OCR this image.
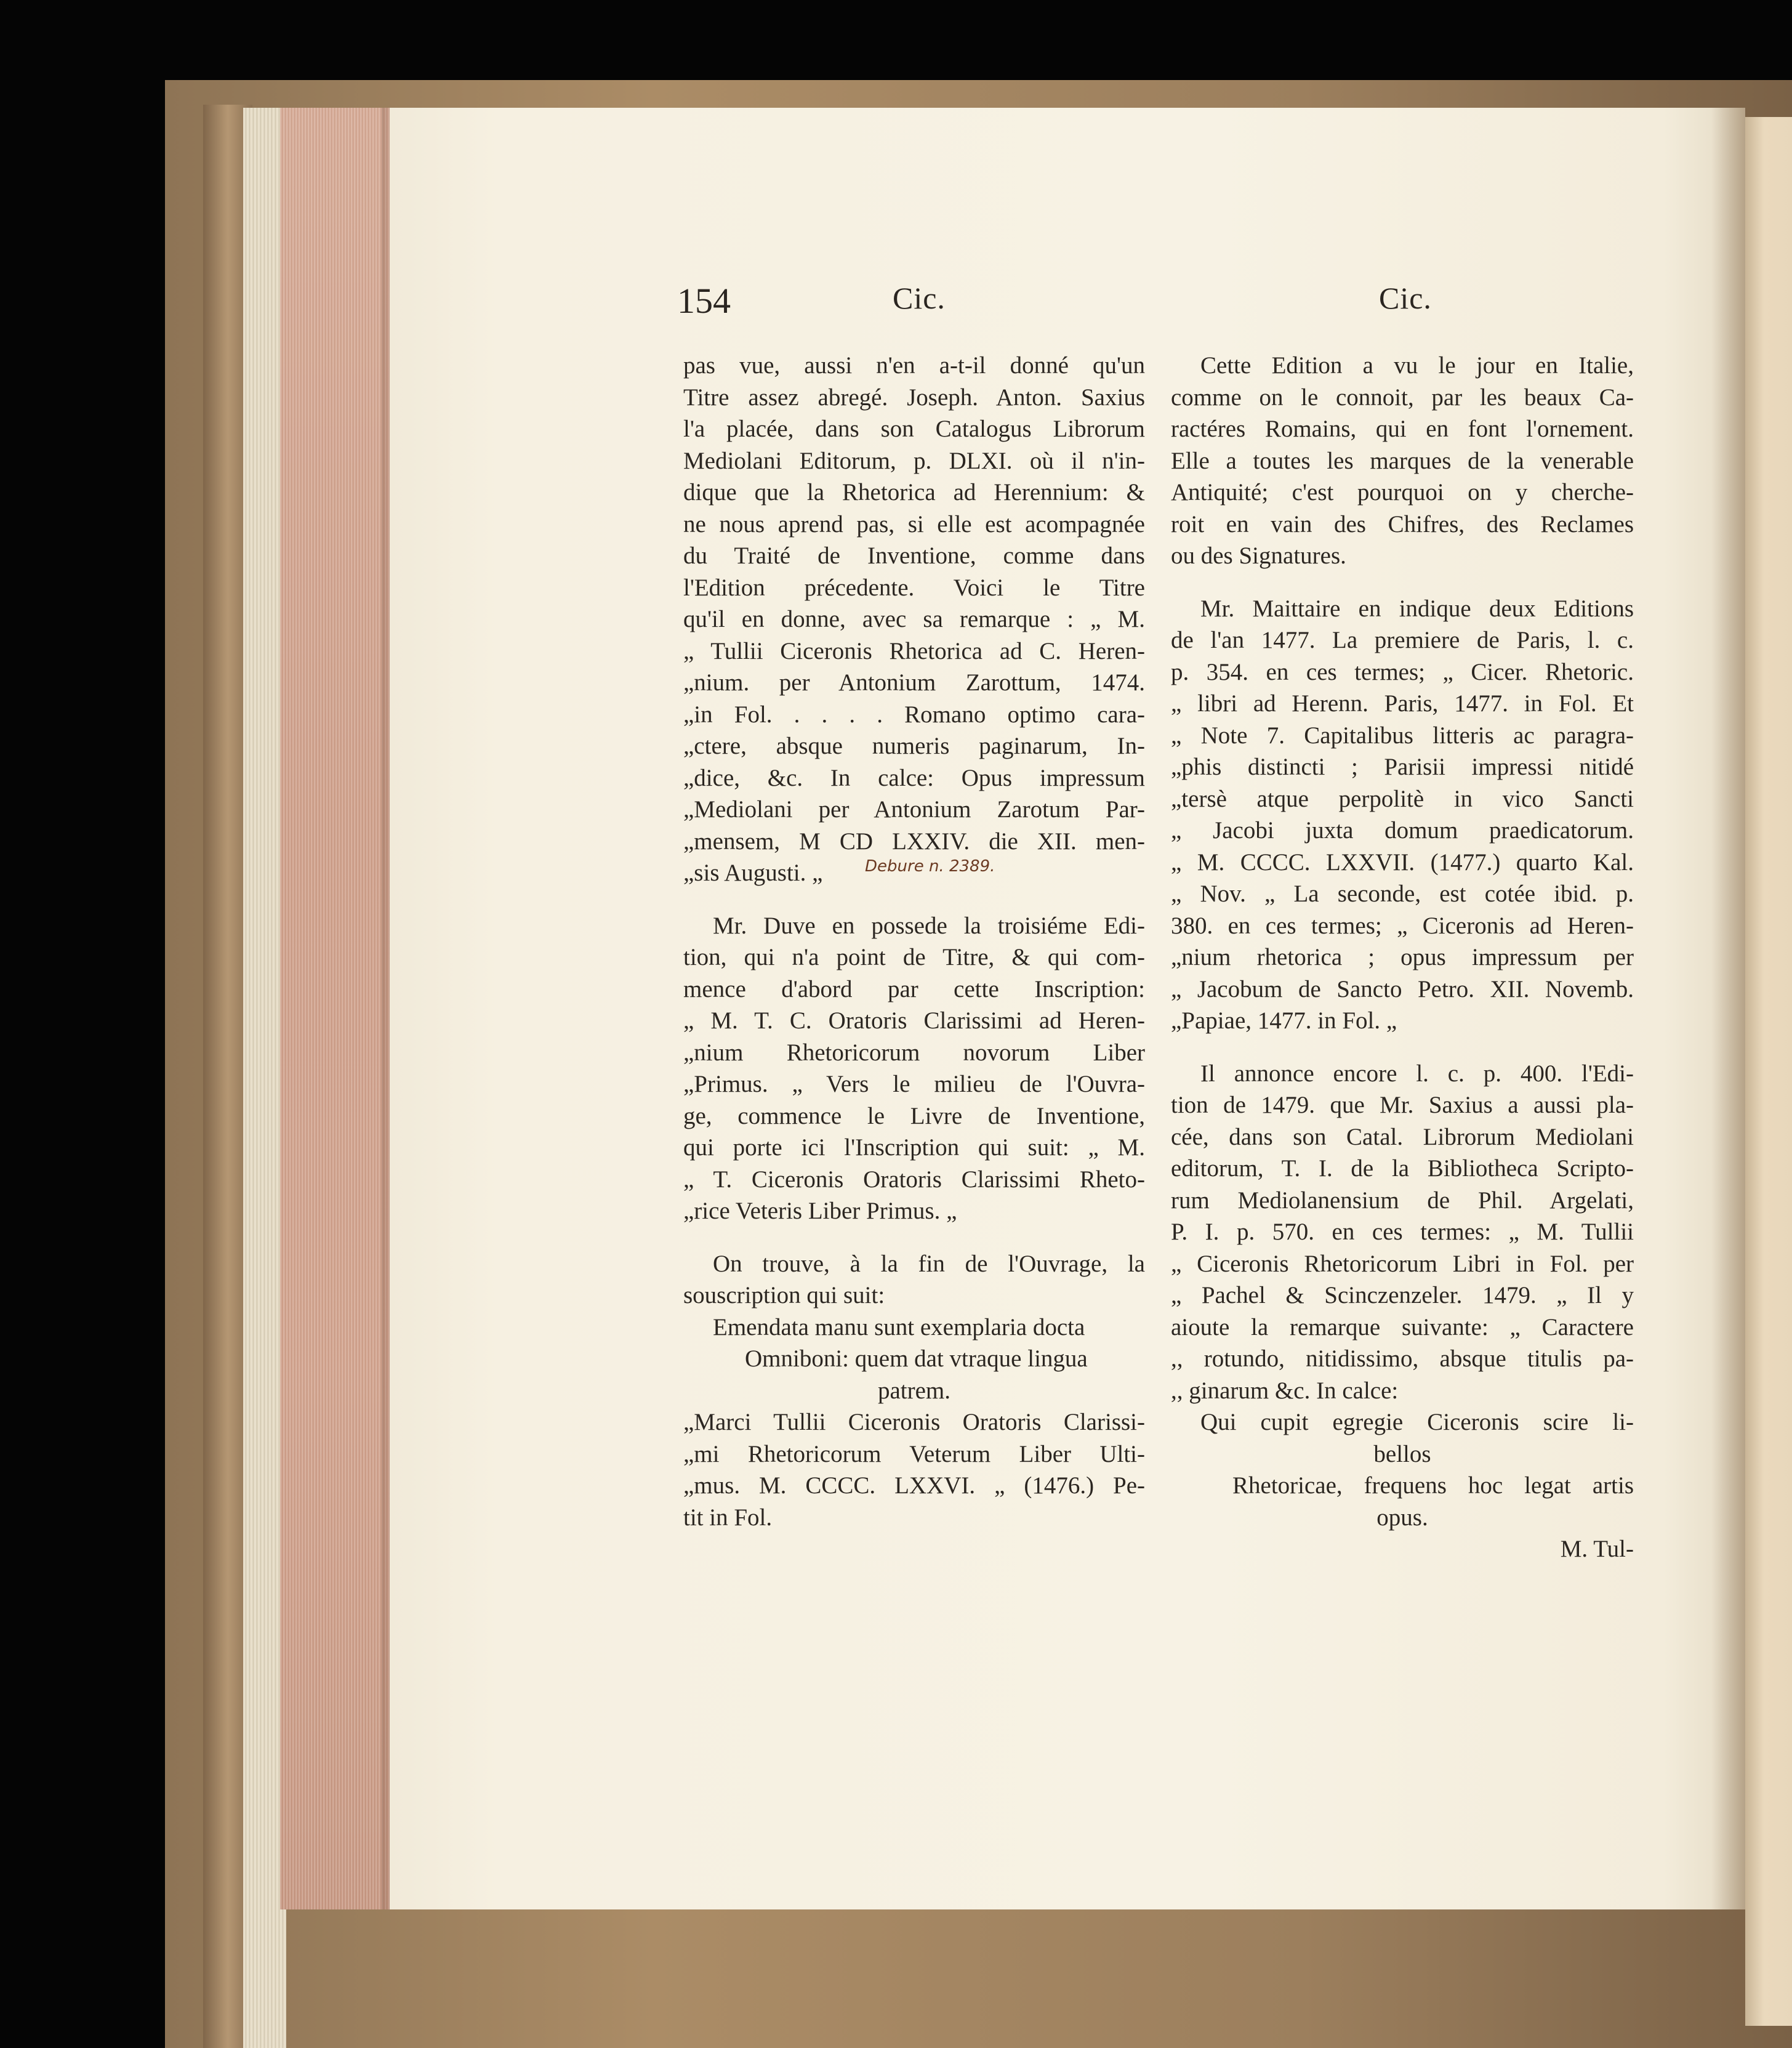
154	Cic.	Cic.
pas vue, aussi n'en a-t-il donné qu'un
Titre assez abregé. Joseph. Anton. Saxius
l'a placée, dans son Catalogus Librorum
Mediolani Editorum, p. DLXI. où il n'in-
dique que la Rhetorica ad Herennium: &
ne nous aprend pas, si elle est acompagnée
du Traité de Inventione, comme dans
l'Edition précedente. Voici le Titre
qu'il en donne, avec sa remarque : „ M.
„ Tullii Ciceronis Rhetorica ad C. Heren-
„nium. per Antonium Zarottum, 1474.
„in Fol. . . . . Romano optimo cara-
„ctere, absque numeris paginarum, In-
„dice, &c. In calce: Opus impressum
„Mediolani per Antonium Zarotum Par-
„mensem, M CD LXXIV. die XII. men-
„sis Augusti. „
Mr. Duve en possede la troisiéme Edi-
tion, qui n'a point de Titre, & qui com-
mence d'abord par cette Inscription:
„ M. T. C. Oratoris Clarissimi ad Heren-
„nium Rhetoricorum novorum Liber
„Primus. „ Vers le milieu de l'Ouvra-
ge, commence le Livre de Inventione,
qui porte ici l'Inscription qui suit: „ M.
„ T. Ciceronis Oratoris Clarissimi Rheto-
„rice Veteris Liber Primus. „
On trouve, à la fin de l'Ouvrage, la
souscription qui suit:
Emendata manu sunt exemplaria docta
Omniboni: quem dat vtraque lingua
patrem.
„Marci Tullii Ciceronis Oratoris Clarissi-
„mi Rhetoricorum Veterum Liber Ulti-
„mus. M. CCCC. LXXVI. „ (1476.) Pe-
tit in Fol.
Debure n. 2389.
Cette Edition a vu le jour en Italie,
comme on le connoit, par les beaux Ca-
ractéres Romains, qui en font l'ornement.
Elle a toutes les marques de la venerable
Antiquité; c'est pourquoi on y cherche-
roit en vain des Chifres, des Reclames
ou des Signatures.
Mr. Maittaire en indique deux Editions
de l'an 1477. La premiere de Paris, l. c.
p. 354. en ces termes; „ Cicer. Rhetoric.
„ libri ad Herenn. Paris, 1477. in Fol. Et
„ Note 7. Capitalibus litteris ac paragra-
„phis distincti ; Parisii impressi nitidé
„tersè atque perpolitè in vico Sancti
„ Jacobi juxta domum praedicatorum.
„ M. CCCC. LXXVII. (1477.) quarto Kal.
„ Nov. „ La seconde, est cotée ibid. p.
380. en ces termes; „ Ciceronis ad Heren-
„nium rhetorica ; opus impressum per
„ Jacobum de Sancto Petro. XII. Novemb.
„Papiae, 1477. in Fol. „
Il annonce encore l. c. p. 400. l'Edi-
tion de 1479. que Mr. Saxius a aussi pla-
cée, dans son Catal. Librorum Mediolani
editorum, T. I. de la Bibliotheca Scripto-
rum Mediolanensium de Phil. Argelati,
P. I. p. 570. en ces termes: „ M. Tullii
„ Ciceronis Rhetoricorum Libri in Fol. per
„ Pachel & Scinczenzeler. 1479. „ Il y
aioute la remarque suivante: „ Caractere
,, rotundo, nitidissimo, absque titulis pa-
,, ginarum &c. In calce:
Qui cupit egregie Ciceronis scire li-
bellos
Rhetoricae, frequens hoc legat artis
opus.
M. Tul-
